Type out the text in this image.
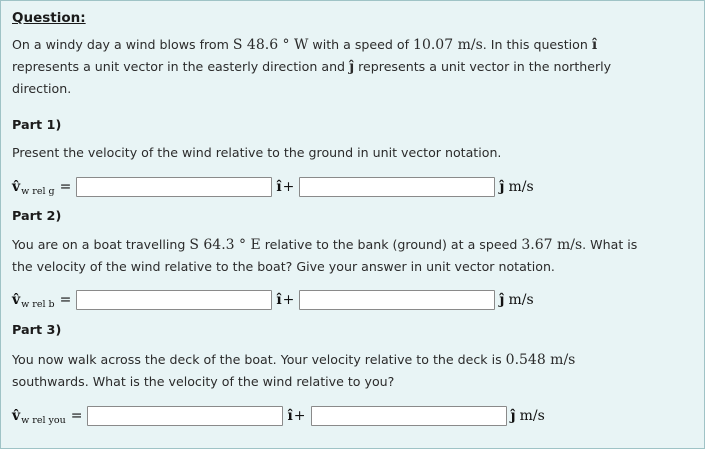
Question:
On a windy day a wind blows from S 48.6 ° W with a speed of 10.07 m/s. In this question î
represents a unit vector in the easterly direction and ĵ represents a unit vector in the northerly
direction.
Part 1)
Present the velocity of the wind relative to the ground in unit vector notation.
v̂ w rel g =	î +	ĵ m/s
Part 2)
You are on a boat travelling S 64.3 ° E relative to the bank (ground) at a speed 3.67 m/s. What is
the velocity of the wind relative to the boat? Give your answer in unit vector notation.
v̂ w rel b =	î +	ĵ m/s
Part 3)
You now walk across the deck of the boat. Your velocity relative to the deck is 0.548 m/s
southwards. What is the velocity of the wind relative to you?
v̂ w rel you =	î +	ĵ m/s
